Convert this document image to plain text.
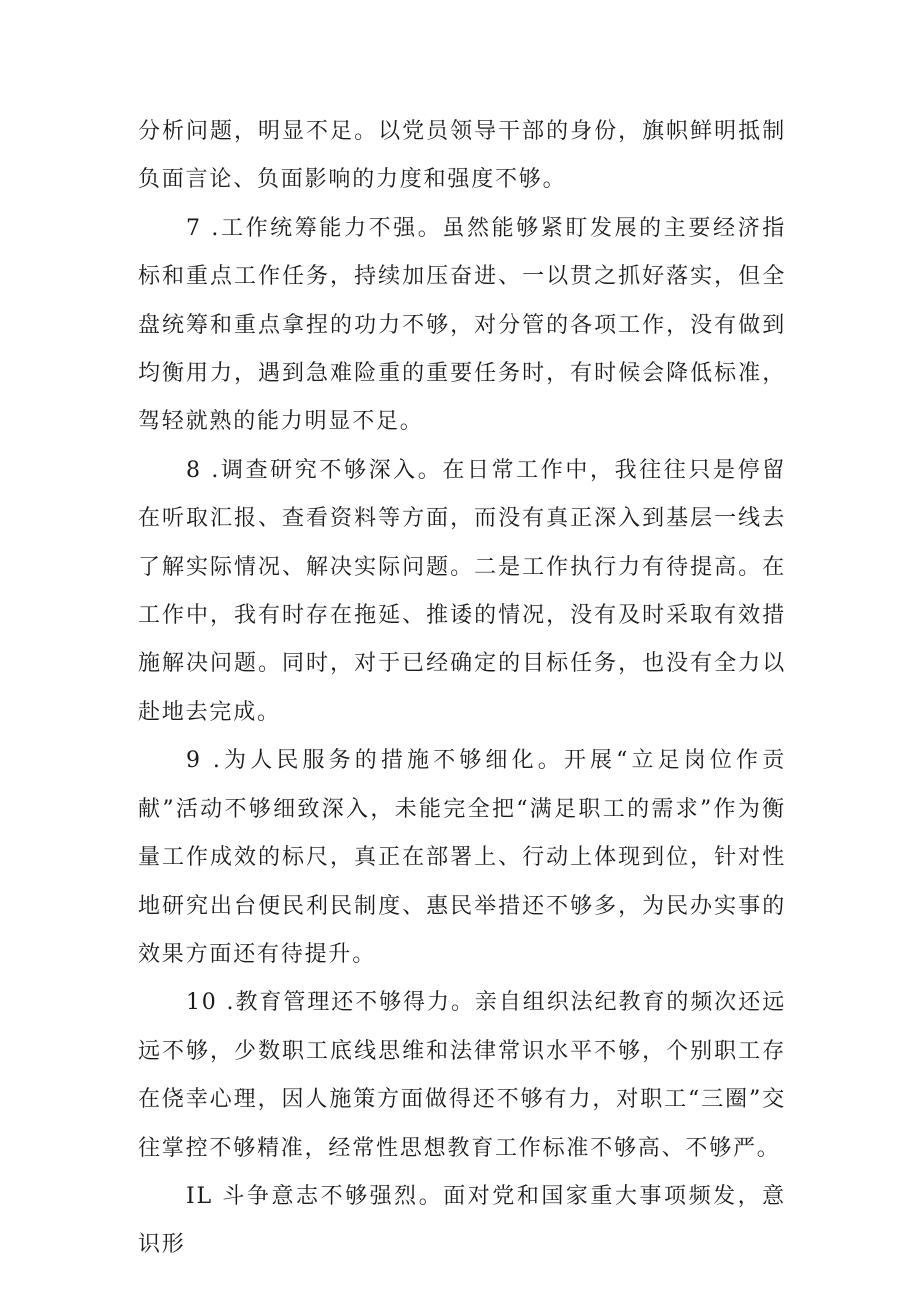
分析问题，明显不足。以党员领导干部的身份，旗帜鲜明抵制负面言论、负面影响的力度和强度不够。

7 .工作统筹能力不强。虽然能够紧盯发展的主要经济指标和重点工作任务，持续加压奋进、一以贯之抓好落实，但全盘统筹和重点拿捏的功力不够，对分管的各项工作，没有做到均衡用力，遇到急难险重的重要任务时，有时候会降低标准，驾轻就熟的能力明显不足。

8 .调查研究不够深入。在日常工作中，我往往只是停留在听取汇报、查看资料等方面，而没有真正深入到基层一线去了解实际情况、解决实际问题。二是工作执行力有待提高。在工作中，我有时存在拖延、推诿的情况，没有及时采取有效措施解决问题。同时，对于已经确定的目标任务，也没有全力以赴地去完成。

9 .为人民服务的措施不够细化。开展“立足岗位作贡献”活动不够细致深入，未能完全把“满足职工的需求”作为衡量工作成效的标尺，真正在部署上、行动上体现到位，针对性地研究出台便民利民制度、惠民举措还不够多，为民办实事的效果方面还有待提升。

10 .教育管理还不够得力。亲自组织法纪教育的频次还远远不够，少数职工底线思维和法律常识水平不够，个别职工存在侥幸心理，因人施策方面做得还不够有力，对职工“三圈”交往掌控不够精准，经常性思想教育工作标准不够高、不够严。

IL 斗争意志不够强烈。面对党和国家重大事项频发，意识形
